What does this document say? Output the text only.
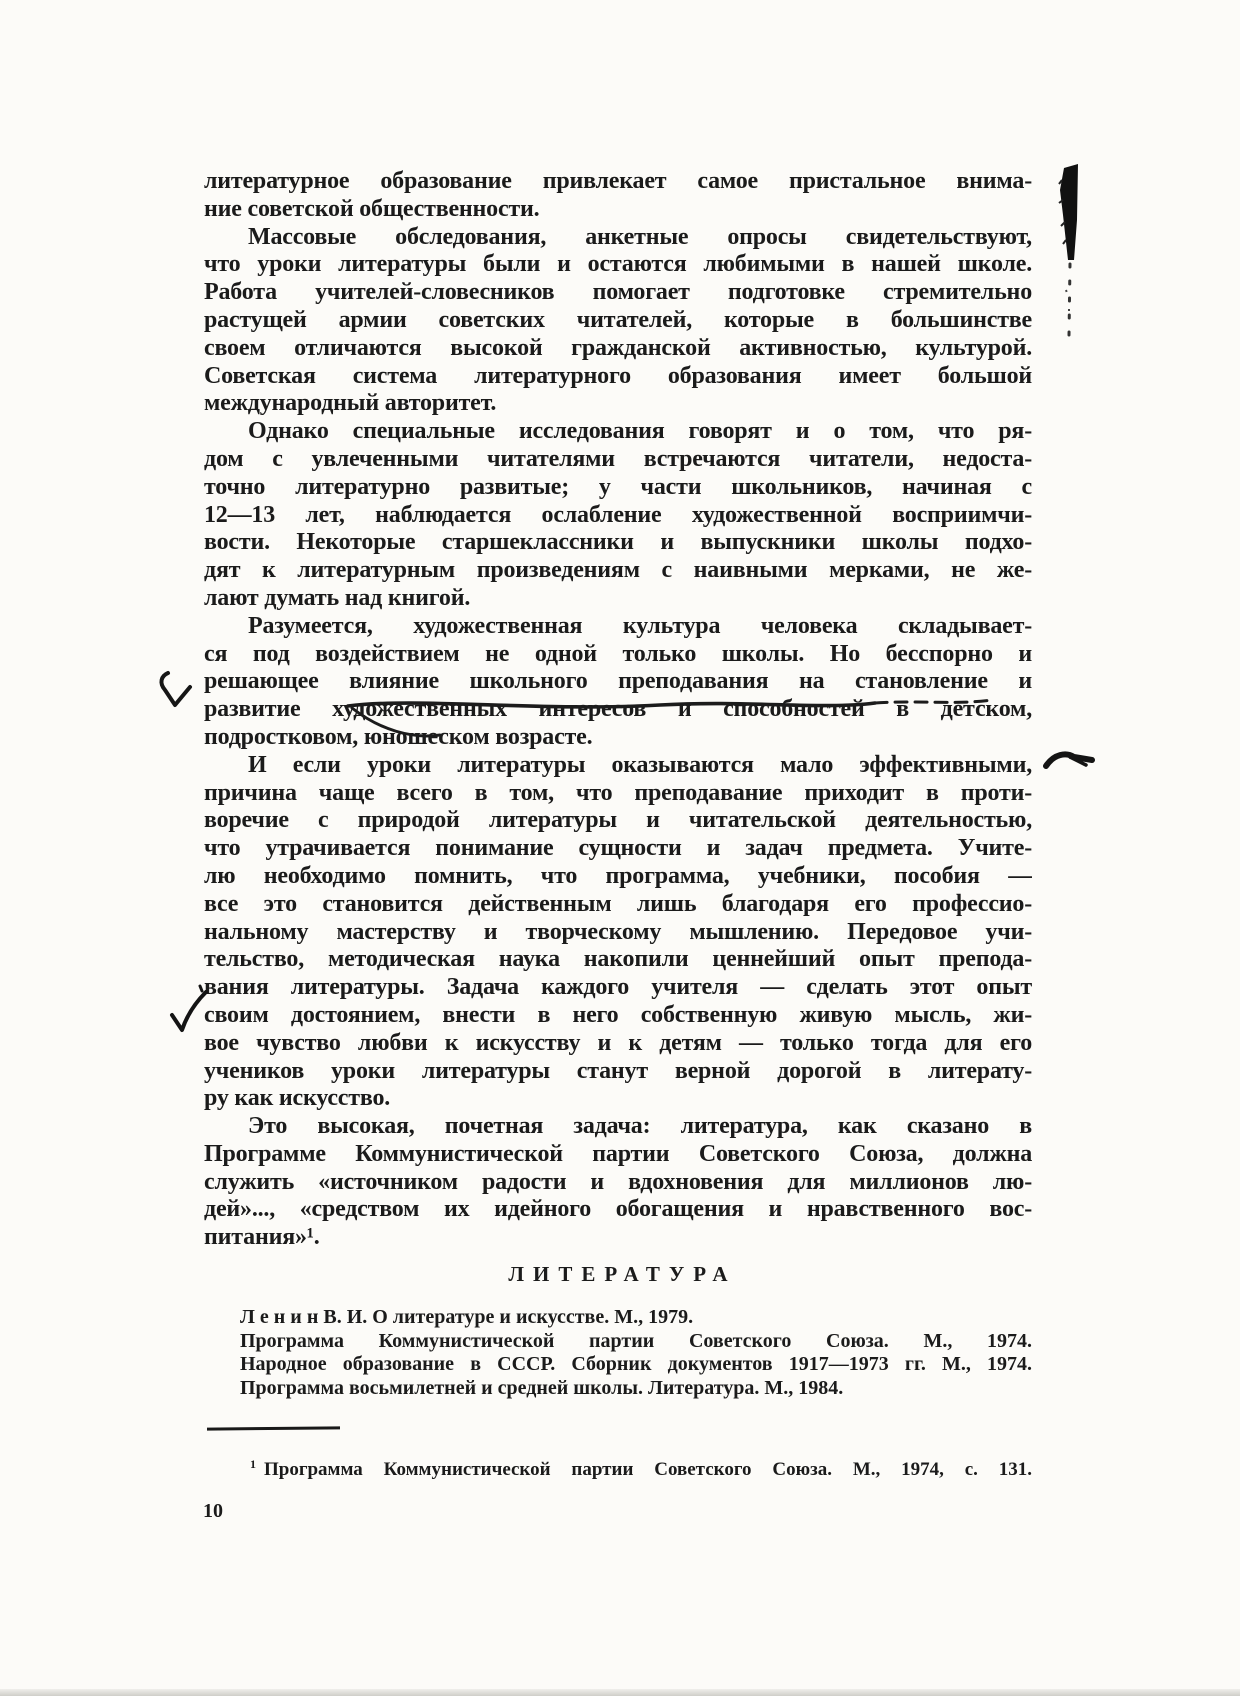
литературное образование привлекает самое пристальное внима-
ние советской общественности.
Массовые обследования, анкетные опросы свидетельствуют,
что уроки литературы были и остаются любимыми в нашей школе.
Работа учителей-словесников помогает подготовке стремительно
растущей армии советских читателей, которые в большинстве
своем отличаются высокой гражданской активностью, культурой.
Советская система литературного образования имеет большой
международный авторитет.
Однако специальные исследования говорят и о том, что ря-
дом с увлеченными читателями встречаются читатели, недоста-
точно литературно развитые; у части школьников, начиная с
12—13 лет, наблюдается ослабление художественной восприимчи-
вости. Некоторые старшеклассники и выпускники школы подхо-
дят к литературным произведениям с наивными мерками, не же-
лают думать над книгой.
Разумеется, художественная культура человека складывает-
ся под воздействием не одной только школы. Но бесспорно и
решающее влияние школьного преподавания на становление и
развитие художественных интересов и способностей в детском,
подростковом, юношеском возрасте.
И если уроки литературы оказываются мало эффективными,
причина чаще всего в том, что преподавание приходит в проти-
воречие с природой литературы и читательской деятельностью,
что утрачивается понимание сущности и задач предмета. Учите-
лю необходимо помнить, что программа, учебники, пособия —
все это становится действенным лишь благодаря его профессио-
нальному мастерству и творческому мышлению. Передовое учи-
тельство, методическая наука накопили ценнейший опыт препода-
вания литературы. Задача каждого учителя — сделать этот опыт
своим достоянием, внести в него собственную живую мысль, жи-
вое чувство любви к искусству и к детям — только тогда для его
учеников уроки литературы станут верной дорогой в литерату-
ру как искусство.
Это высокая, почетная задача: литература, как сказано в
Программе Коммунистической партии Советского Союза, должна
служить «источником радости и вдохновения для миллионов лю-
дей»..., «средством их идейного обогащения и нравственного вос-
питания»¹.
ЛИТЕРАТУРА
Л е н и н В. И. О литературе и искусстве. М., 1979.
Программа Коммунистической партии Советского Союза. М., 1974.
Народное образование в СССР. Сборник документов 1917—1973 гг. М., 1974.
Программа восьмилетней и средней школы. Литература. М., 1984.
$^1$ Программа Коммунистической партии Советского Союза. М., 1974, с. 131.
10
